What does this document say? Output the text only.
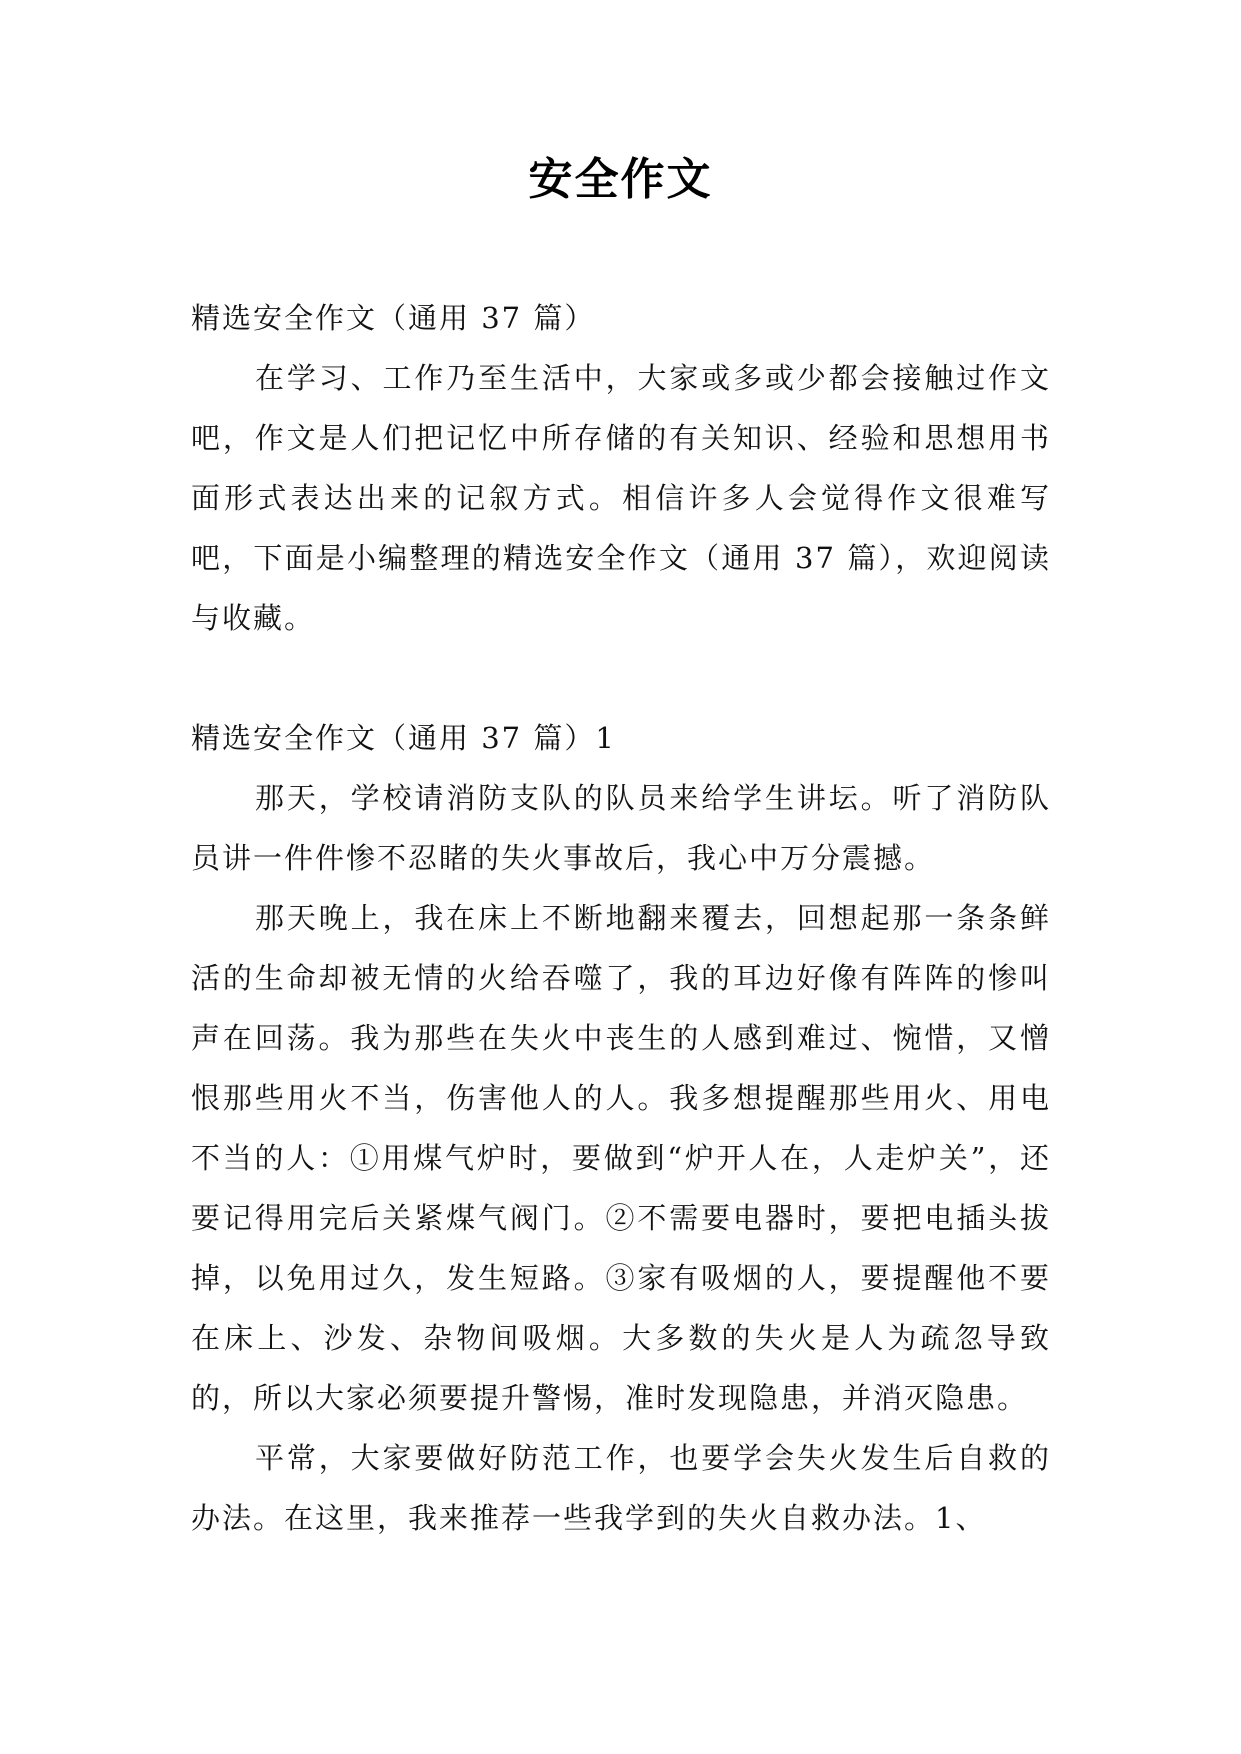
安全作文

精选安全作文（通用 37 篇）

在学习、工作乃至生活中，大家或多或少都会接触过作文吧，作文是人们把记忆中所存储的有关知识、经验和思想用书面形式表达出来的记叙方式。相信许多人会觉得作文很难写吧，下面是小编整理的精选安全作文（通用 37 篇），欢迎阅读与收藏。

精选安全作文（通用 37 篇）1

那天，学校请消防支队的队员来给学生讲坛。听了消防队员讲一件件惨不忍睹的失火事故后，我心中万分震撼。

那天晚上，我在床上不断地翻来覆去，回想起那一条条鲜活的生命却被无情的火给吞噬了，我的耳边好像有阵阵的惨叫声在回荡。我为那些在失火中丧生的人感到难过、惋惜，又憎恨那些用火不当，伤害他人的人。我多想提醒那些用火、用电不当的人：①用煤气炉时，要做到“炉开人在，人走炉关”，还要记得用完后关紧煤气阀门。②不需要电器时，要把电插头拔掉，以免用过久，发生短路。③家有吸烟的人，要提醒他不要在床上、沙发、杂物间吸烟。大多数的失火是人为疏忽导致的，所以大家必须要提升警惕，准时发现隐患，并消灭隐患。

平常，大家要做好防范工作，也要学会失火发生后自救的办法。在这里，我来推荐一些我学到的失火自救办法。1、
